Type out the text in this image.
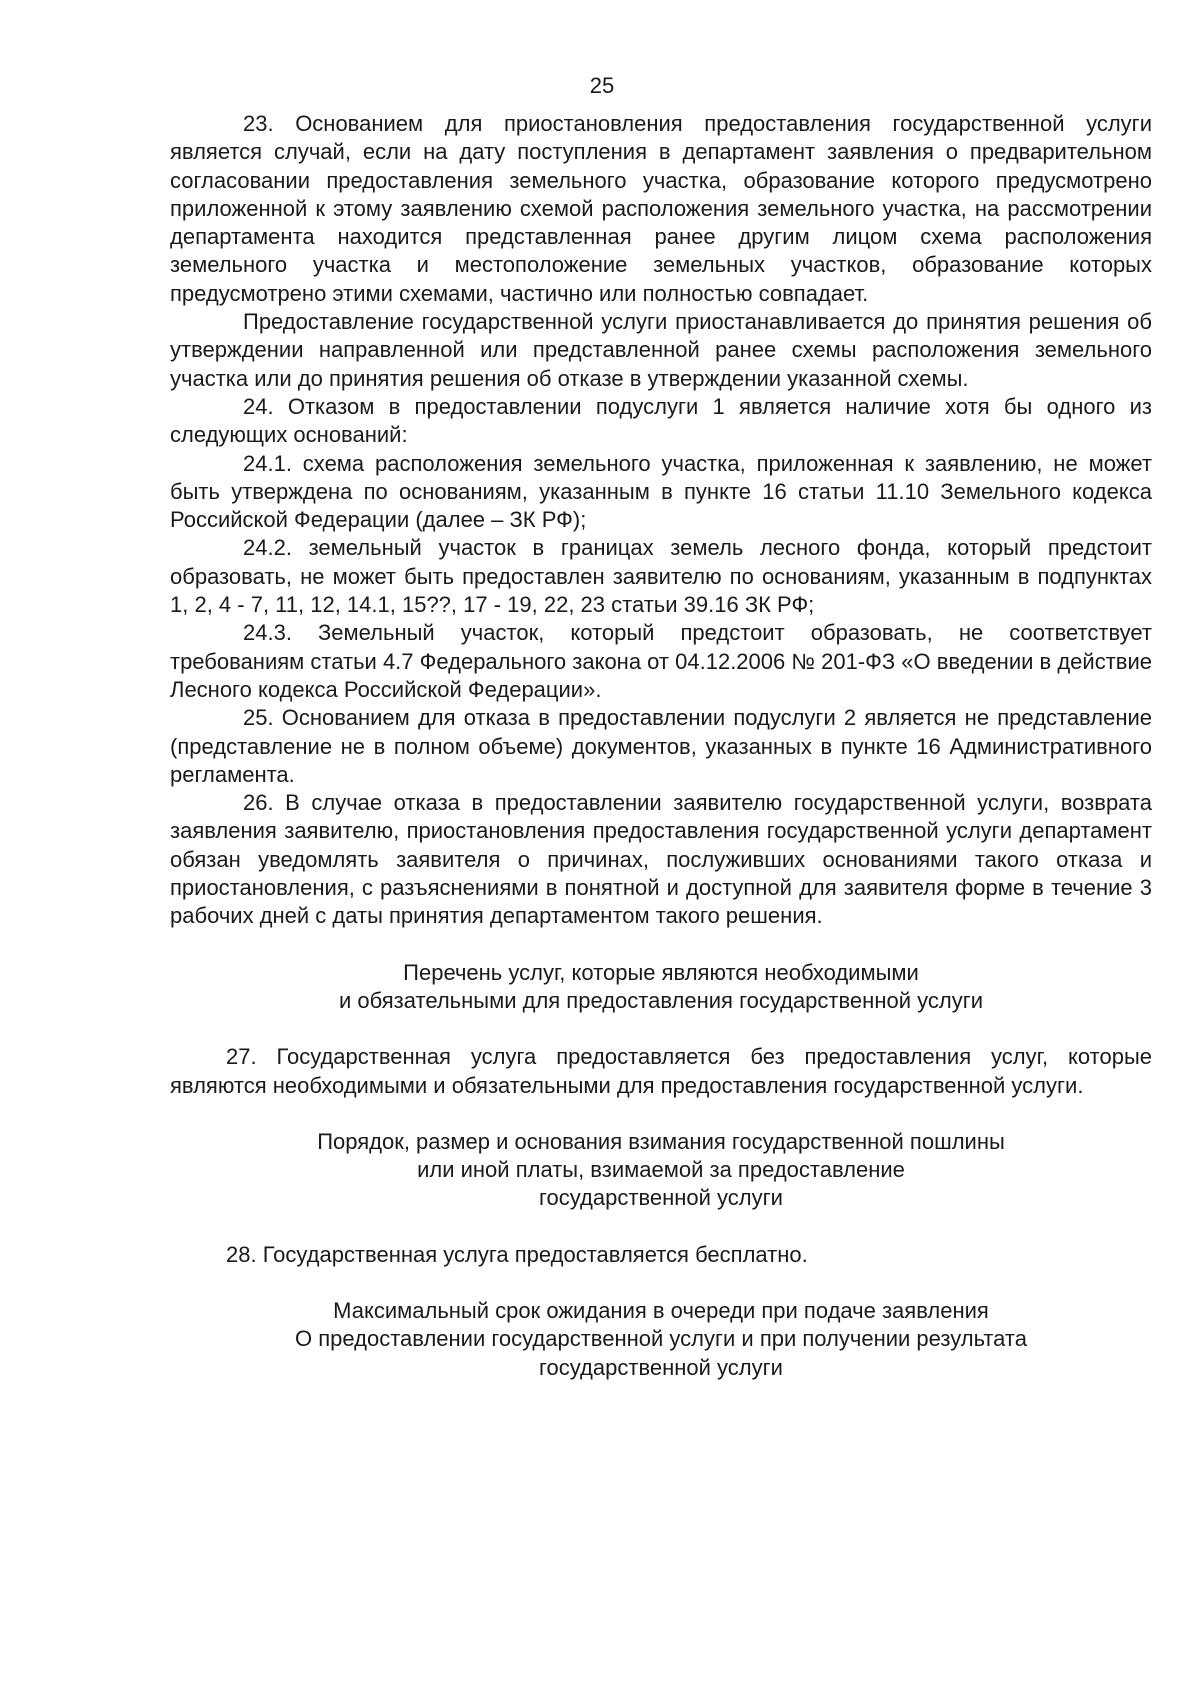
25

23. Основанием для приостановления предоставления государственной услуги является случай, если на дату поступления в департамент заявления о предварительном согласовании предоставления земельного участка, образование которого предусмотрено приложенной к этому заявлению схемой расположения земельного участка, на рассмотрении департамента находится представленная ранее другим лицом схема расположения земельного участка и местоположение земельных участков, образование которых предусмотрено этими схемами, частично или полностью совпадает.

Предоставление государственной услуги приостанавливается до принятия решения об утверждении направленной или представленной ранее схемы расположения земельного участка или до принятия решения об отказе в утверждении указанной схемы.

24. Отказом в предоставлении подуслуги 1 является наличие хотя бы одного из следующих оснований:

24.1. схема расположения земельного участка, приложенная к заявлению, не может быть утверждена по основаниям, указанным в пункте 16 статьи 11.10 Земельного кодекса Российской Федерации (далее – ЗК РФ);

24.2. земельный участок в границах земель лесного фонда, который предстоит образовать, не может быть предоставлен заявителю по основаниям, указанным в подпунктах 1, 2, 4 - 7, 11, 12, 14.1, 15??, 17 - 19, 22, 23 статьи 39.16 ЗК РФ;

24.3. Земельный участок, который предстоит образовать, не соответствует требованиям статьи 4.7 Федерального закона от 04.12.2006 № 201-ФЗ «О введении в действие Лесного кодекса Российской Федерации».

25. Основанием для отказа в предоставлении подуслуги 2 является не представление (представление не в полном объеме) документов, указанных в пункте 16 Административного регламента.

26. В случае отказа в предоставлении заявителю государственной услуги, возврата заявления заявителю, приостановления предоставления государственной услуги департамент обязан уведомлять заявителя о причинах, послуживших основаниями такого отказа и приостановления, с разъяснениями в понятной и доступной для заявителя форме в течение 3 рабочих дней с даты принятия департаментом такого решения.

Перечень услуг, которые являются необходимыми
и обязательными для предоставления государственной услуги

27. Государственная услуга предоставляется без предоставления услуг, которые являются необходимыми и обязательными для предоставления государственной услуги.

Порядок, размер и основания взимания государственной пошлины
или иной платы, взимаемой за предоставление
государственной услуги

28. Государственная услуга предоставляется бесплатно.

Максимальный срок ожидания в очереди при подаче заявления
О предоставлении государственной услуги и при получении результата
государственной услуги
